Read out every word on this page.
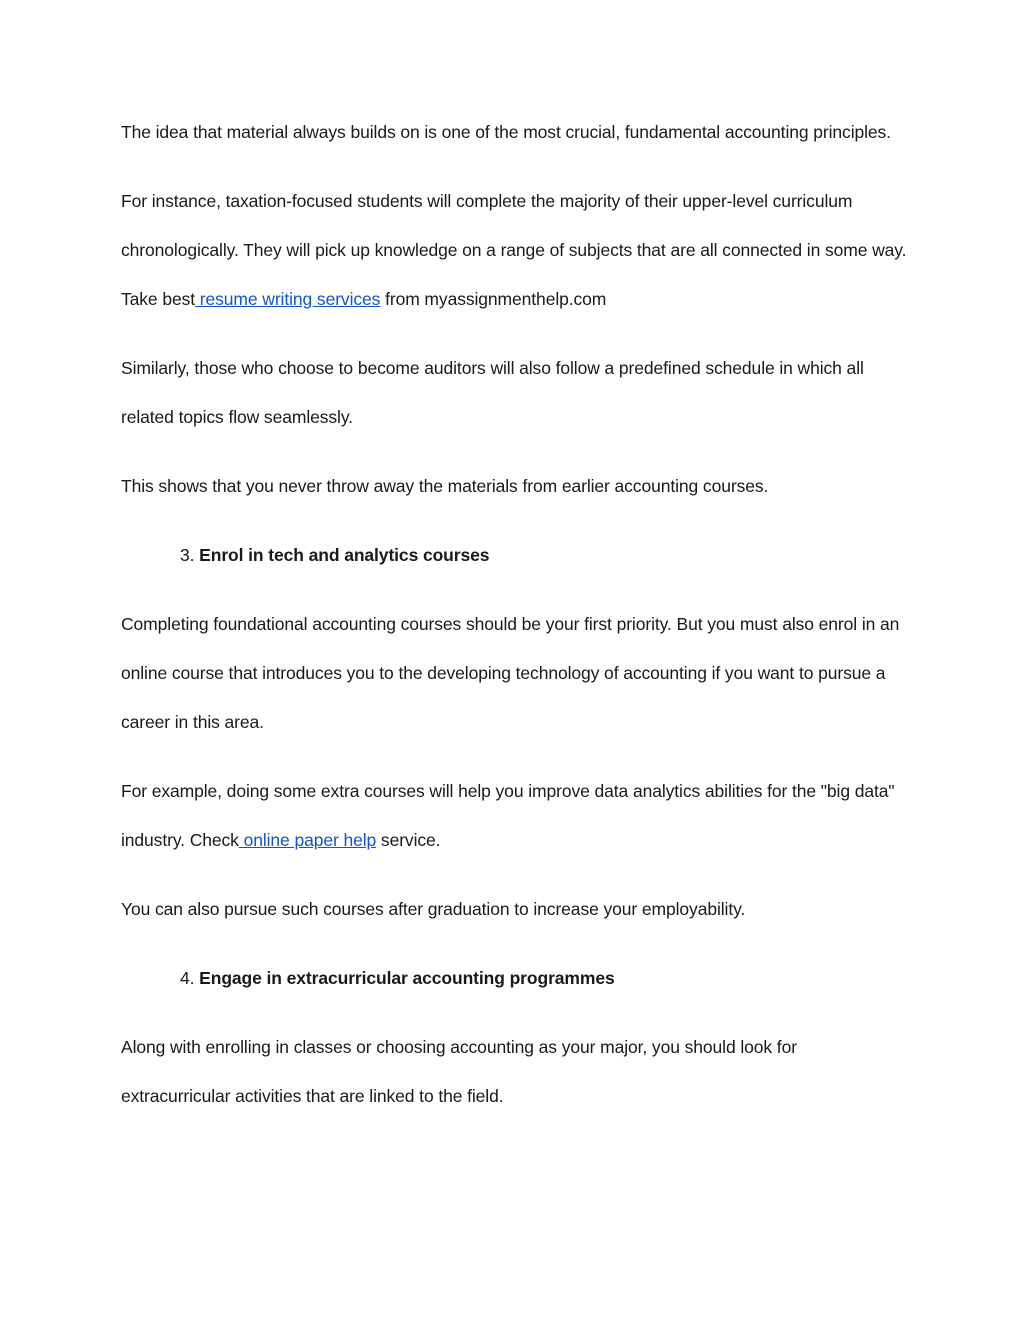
The idea that material always builds on is one of the most crucial, fundamental accounting principles.

For instance, taxation-focused students will complete the majority of their upper-level curriculum chronologically. They will pick up knowledge on a range of subjects that are all connected in some way. Take best resume writing services from myassignmenthelp.com

Similarly, those who choose to become auditors will also follow a predefined schedule in which all related topics flow seamlessly.

This shows that you never throw away the materials from earlier accounting courses.

3. Enrol in tech and analytics courses

Completing foundational accounting courses should be your first priority. But you must also enrol in an online course that introduces you to the developing technology of accounting if you want to pursue a career in this area.

For example, doing some extra courses will help you improve data analytics abilities for the "big data" industry. Check online paper help service.

You can also pursue such courses after graduation to increase your employability.

4. Engage in extracurricular accounting programmes

Along with enrolling in classes or choosing accounting as your major, you should look for extracurricular activities that are linked to the field.
